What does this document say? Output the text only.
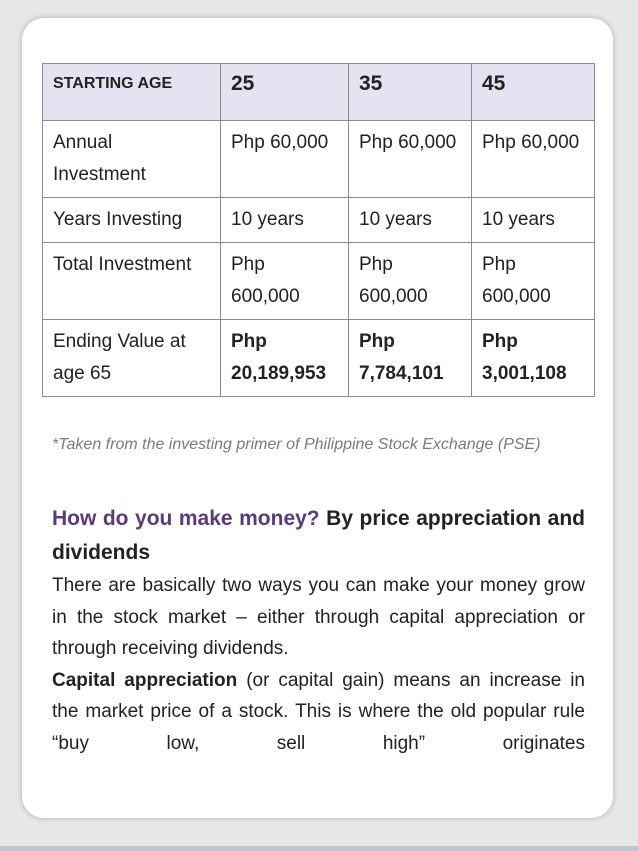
STARTING AGE	25	35	45
Annual Investment	Php 60,000	Php 60,000	Php 60,000
Years Investing	10 years	10 years	10 years
Total Investment	Php 600,000	Php 600,000	Php 600,000
Ending Value at age 65	Php 20,189,953	Php 7,784,101	Php 3,001,108
*Taken from the investing primer of Philippine Stock Exchange (PSE)
How do you make money? By price appreciation and dividends
There are basically two ways you can make your money grow in the stock market – either through capital appreciation or through receiving dividends.
Capital appreciation (or capital gain) means an increase in the market price of a stock. This is where the old popular rule “buy low, sell high” originates
